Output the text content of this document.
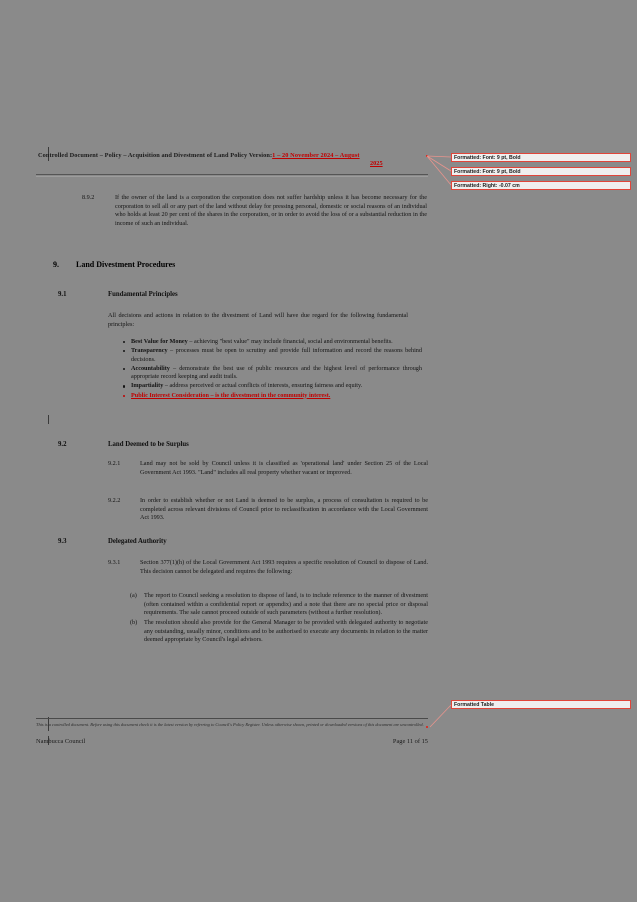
Controlled Document – Policy – Acquisition and Divestment of Land Policy Version:1 – 20 November 2024 – August
2025
8.9.2	If the owner of the land is a corporation the corporation does not suffer hardship unless it has become necessary for the corporation to sell all or any part of the land without delay for pressing personal, domestic or social reasons of an individual who holds at least 20 per cent of the shares in the corporation, or in order to avoid the loss of or a substantial reduction in the income of such an individual.
9.	Land Divestment Procedures
9.1	Fundamental Principles
All decisions and actions in relation to the divestment of Land will have due regard for the following fundamental principles:
Best Value for Money – achieving "best value" may include financial, social and environmental benefits.
Transparency – processes must be open to scrutiny and provide full information and record the reasons behind decisions.
Accountability – demonstrate the best use of public resources and the highest level of performance through appropriate record keeping and audit trails.
Impartiality – address perceived or actual conflicts of interests, ensuring fairness and equity.
Public Interest Consideration – is the divestment in the community interest.
9.2	Land Deemed to be Surplus
9.2.1	Land may not be sold by Council unless it is classified as 'operational land' under Section 25 of the Local Government Act 1993. "Land" includes all real property whether vacant or improved.
9.2.2	In order to establish whether or not Land is deemed to be surplus, a process of consultation is required to be completed across relevant divisions of Council prior to reclassification in accordance with the Local Government Act 1993.
9.3	Delegated Authority
9.3.1	Section 377(1)(h) of the Local Government Act 1993 requires a specific resolution of Council to dispose of Land. This decision cannot be delegated and requires the following:
(a)	The report to Council seeking a resolution to dispose of land, is to include reference to the manner of divestment (often contained within a confidential report or appendix) and a note that there are no special price or disposal requirements. The sale cannot proceed outside of such parameters (without a further resolution).
(b)	The resolution should also provide for the General Manager to be provided with delegated authority to negotiate any outstanding, usually minor, conditions and to be authorised to execute any documents in relation to the matter deemed appropriate by Council's legal advisors.
This is a controlled document. Before using this document check it is the latest version by referring to Council's Policy Register. Unless otherwise shown, printed or downloaded versions of this document are uncontrolled.
Nambucca Council	Page 11 of 15
Formatted: Font: 9 pt, Bold
Formatted: Font: 9 pt, Bold
Formatted: Right: -0.07 cm
Formatted Table
